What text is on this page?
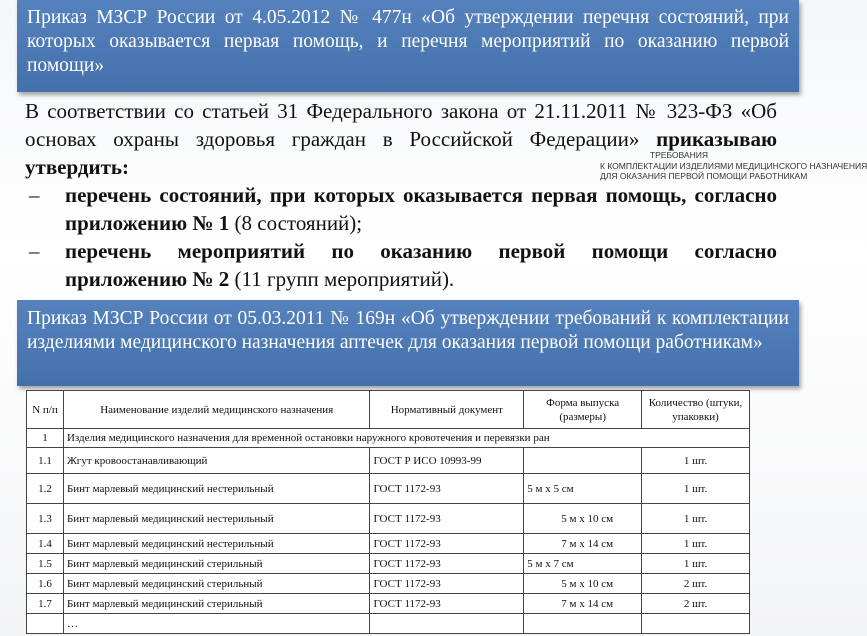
Приказ МЗСР России от 4.05.2012 № 477н «Об утверждении перечня состояний, при которых оказывается первая помощь, и перечня мероприятий по оказанию первой помощи»

В соответствии со статьей 31 Федерального закона от 21.11.2011 № 323-ФЗ «Об основах охраны здоровья граждан в Российской Федерации» приказываю утвердить:

– перечень состояний, при которых оказывается первая помощь, согласно приложению № 1 (8 состояний);

– перечень мероприятий по оказанию первой помощи согласно приложению № 2 (11 групп мероприятий).

ТРЕБОВАНИЯ
К КОМПЛЕКТАЦИИ ИЗДЕЛИЯМИ МЕДИЦИНСКОГО НАЗНАЧЕНИЯ
ДЛЯ ОКАЗАНИЯ ПЕРВОЙ ПОМОЩИ РАБОТНИКАМ
Приказ МЗСР России от 05.03.2011 № 169н «Об утверждении требований к комплектации изделиями медицинского назначения аптечек для оказания первой помощи работникам»
N п/п	Наименование изделий медицинского назначения	Нормативный документ	Форма выпуска (размеры)	Количество (штуки, упаковки)
1	Изделия медицинского назначения для временной остановки наружного кровотечения и перевязки ран			
1.1	Жгут кровоостанавливающий	ГОСТ Р ИСО 10993-99		1 шт.
1.2	Бинт марлевый медицинский нестерильный	ГОСТ 1172-93	5 м x 5 см	1 шт.
1.3	Бинт марлевый медицинский нестерильный	ГОСТ 1172-93	5 м x 10 см	1 шт.
1.4	Бинт марлевый медицинский нестерильный	ГОСТ 1172-93	7 м x 14 см	1 шт.
1.5	Бинт марлевый медицинский стерильный	ГОСТ 1172-93	5 м x 7 см	1 шт.
1.6	Бинт марлевый медицинский стерильный	ГОСТ 1172-93	5 м x 10 см	2 шт.
1.7	Бинт марлевый медицинский стерильный	ГОСТ 1172-93	7 м x 14 см	2 шт.
	…			
